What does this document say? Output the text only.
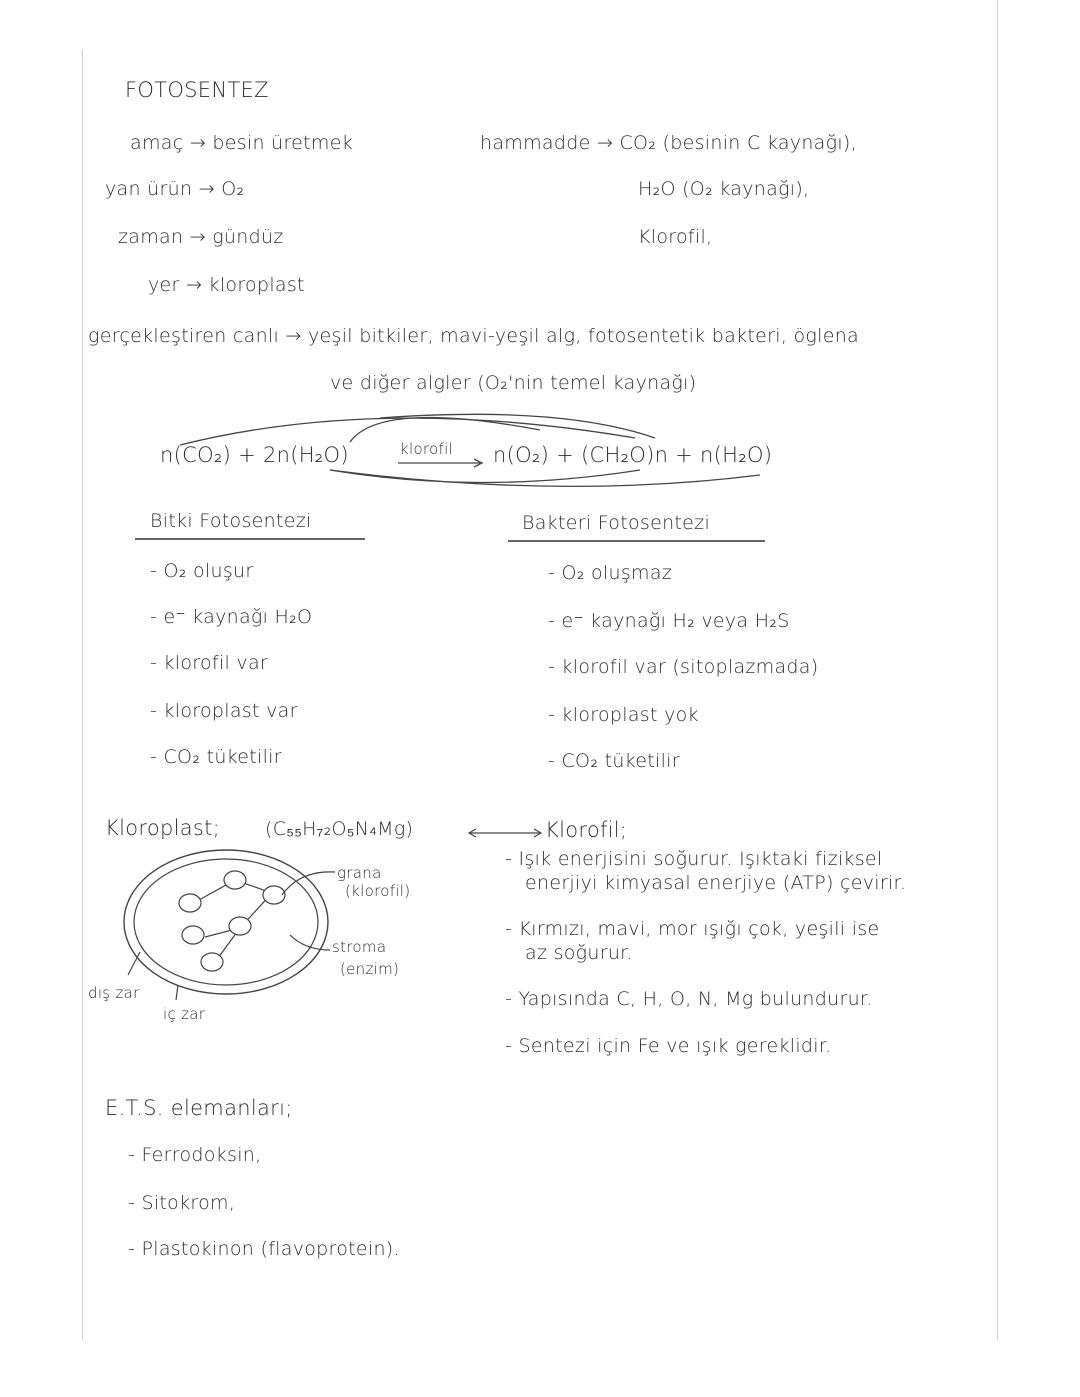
FOTOSENTEZ
amaç → besin üretmek	hammadde → CO₂ (besinin C kaynağı),
yan ürün → O₂	H₂O (O₂ kaynağı),
zaman → gündüz	Klorofil,
yer → kloroplast
gerçekleştiren canlı → yeşil bitkiler, mavi-yeşil alg, fotosentetik bakteri, öglena
ve diğer algler (O₂'nin temel kaynağı)
n(CO₂) + 2n(H₂O)	klorofil n(O₂) + (CH₂O)n + n(H₂O)
Bitki Fotosentezi
- O₂ oluşur
- e⁻ kaynağı H₂O
- klorofil var
- kloroplast var
- CO₂ tüketilir
Bakteri Fotosentezi
- O₂ oluşmaz
- e⁻ kaynağı H₂ veya H₂S
- klorofil var (sitoplazmada)
- kloroplast yok
- CO₂ tüketilir
Kloroplast; (C₅₅H₇₂O₅N₄Mg)	Klorofil;
grana
(klorofil)
stroma
(enzim)
dış zar
iç zar
- Işık enerjisini soğurur. Işıktaki fiziksel
enerjiyi kimyasal enerjiye (ATP) çevirir.
- Kırmızı, mavi, mor ışığı çok, yeşili ise
az soğurur.
- Yapısında C, H, O, N, Mg bulundurur.
- Sentezi için Fe ve ışık gereklidir.
E.T.S. elemanları;
- Ferrodoksin,
- Sitokrom,
- Plastokinon (flavoprotein).
